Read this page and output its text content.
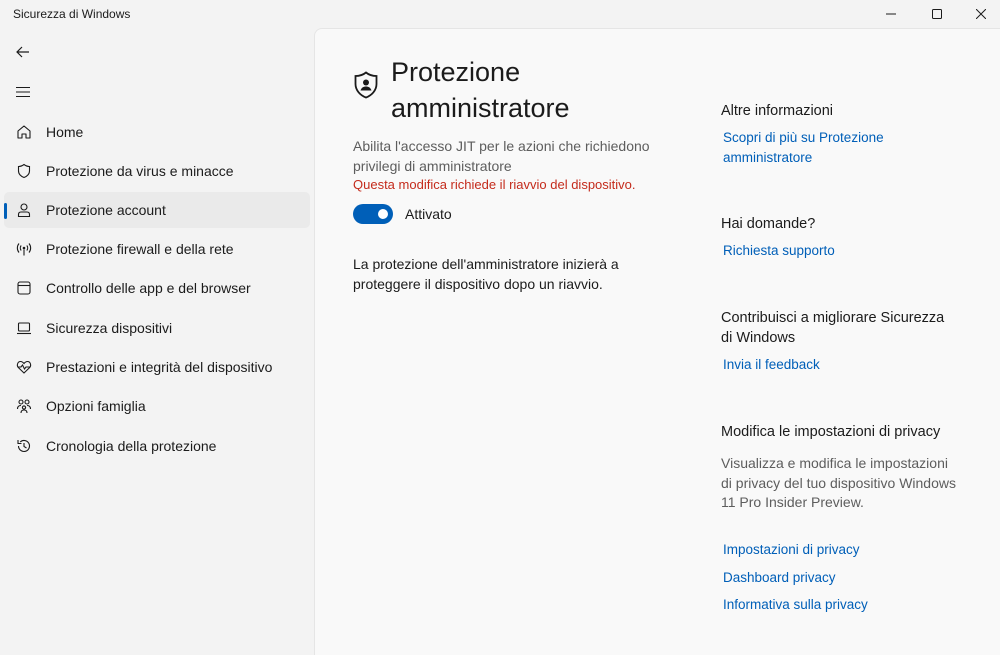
Sicurezza di Windows
Home
Protezione da virus e minacce
Protezione account
Protezione firewall e della rete
Controllo delle app e del browser
Sicurezza dispositivi
Prestazioni e integrità del dispositivo
Opzioni famiglia
Cronologia della protezione
Protezione amministratore
Abilita l'accesso JIT per le azioni che richiedono privilegi di amministratore
Questa modifica richiede il riavvio del dispositivo.
Attivato
La protezione dell'amministratore inizierà a proteggere il dispositivo dopo un riavvio.
Altre informazioni
Scopri di più su Protezione amministratore
Hai domande?
Richiesta supporto
Contribuisci a migliorare Sicurezza di Windows
Invia il feedback
Modifica le impostazioni di privacy
Visualizza e modifica le impostazioni di privacy del tuo dispositivo Windows 11 Pro Insider Preview.
Impostazioni di privacy
Dashboard privacy
Informativa sulla privacy
